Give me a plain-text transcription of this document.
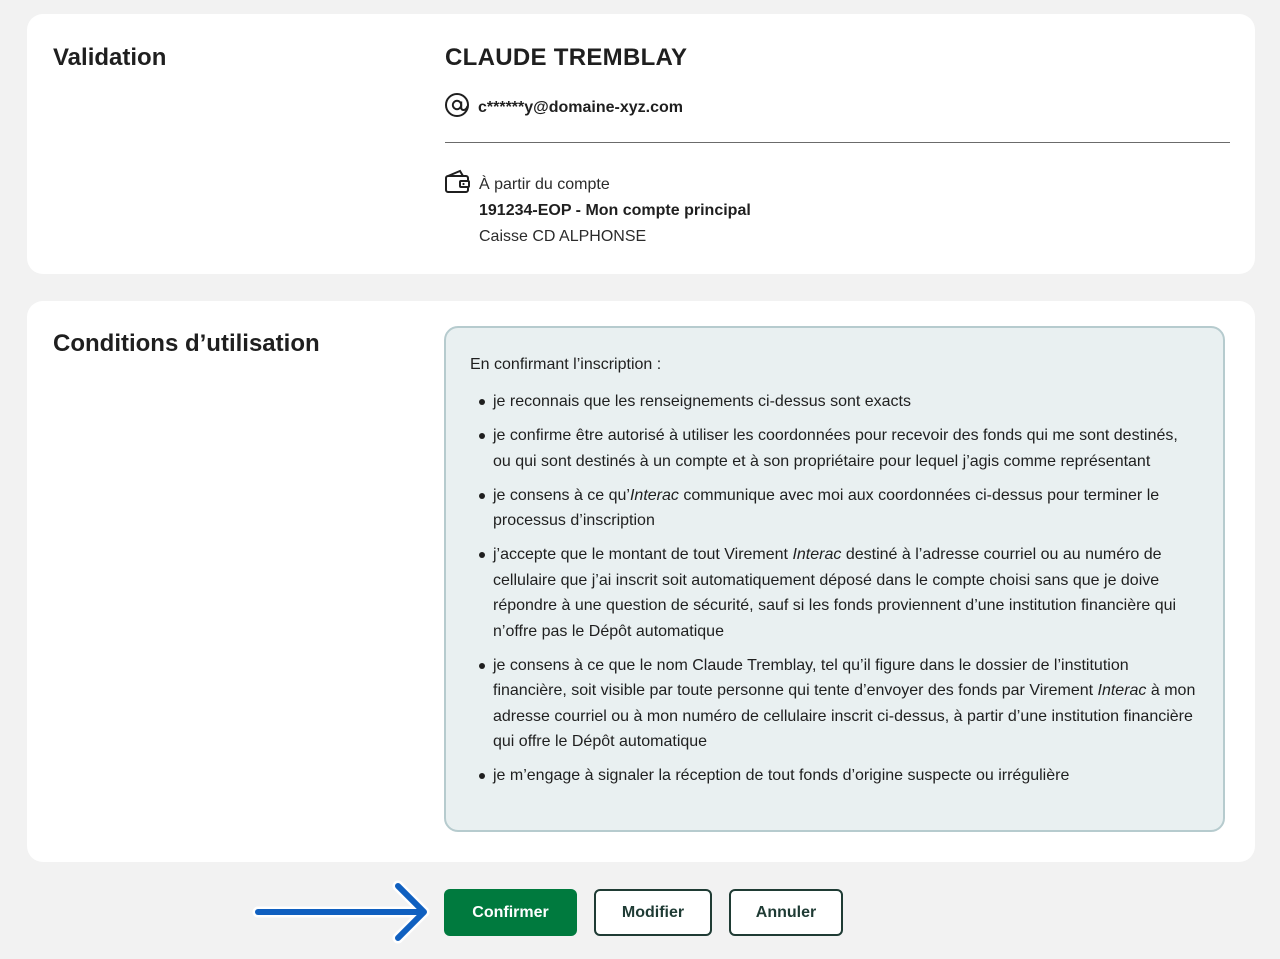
Validation	CLAUDE TREMBLAY
c******y@domaine-xyz.com
À partir du compte
191234-EOP - Mon compte principal
Caisse CD ALPHONSE
Conditions d’utilisation

En confirmant l’inscription :

je reconnais que les renseignements ci-dessus sont exacts
je confirme être autorisé à utiliser les coordonnées pour recevoir des fonds qui me sont destinés, ou qui sont destinés à un compte et à son propriétaire pour lequel j’agis comme représentant
je consens à ce qu’Interac communique avec moi aux coordonnées ci-dessus pour terminer le processus d’inscription
j’accepte que le montant de tout Virement Interac destiné à l’adresse courriel ou au numéro de cellulaire que j’ai inscrit soit automatiquement déposé dans le compte choisi sans que je doive répondre à une question de sécurité, sauf si les fonds proviennent d’une institution financière qui n’offre pas le Dépôt automatique
je consens à ce que le nom Claude Tremblay, tel qu’il figure dans le dossier de l’institution financière, soit visible par toute personne qui tente d’envoyer des fonds par Virement Interac à mon adresse courriel ou à mon numéro de cellulaire inscrit ci-dessus, à partir d’une institution financière qui offre le Dépôt automatique
je m’engage à signaler la réception de tout fonds d’origine suspecte ou irrégulière
Confirmer	Modifier	Annuler
